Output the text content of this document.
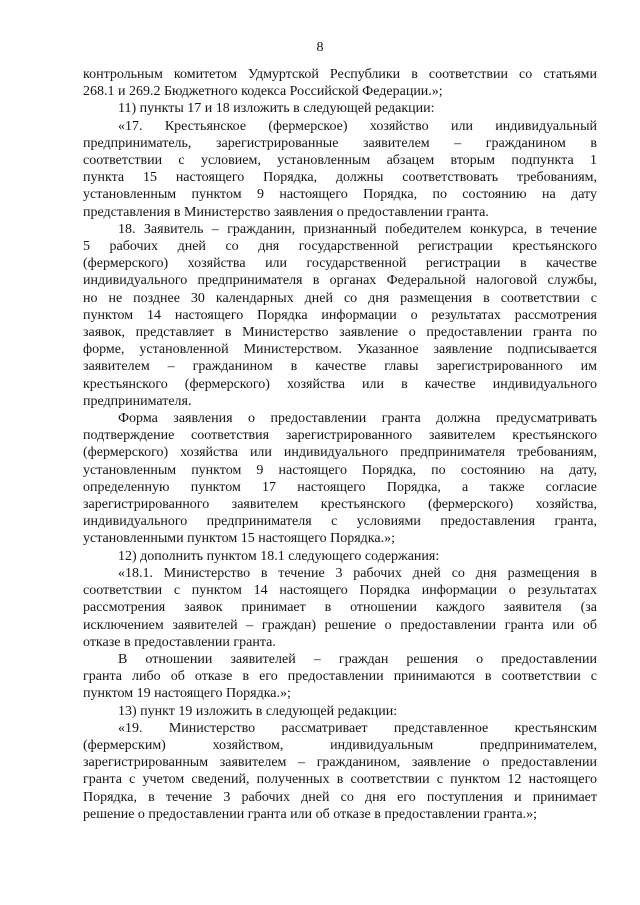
8
контрольным комитетом Удмуртской Республики в соответствии со статьями
268.1 и 269.2 Бюджетного кодекса Российской Федерации.»;
11) пункты 17 и 18 изложить в следующей редакции:
«17. Крестьянское (фермерское) хозяйство или индивидуальный
предприниматель, зарегистрированные заявителем – гражданином в
соответствии с условием, установленным абзацем вторым подпункта 1
пункта 15 настоящего Порядка, должны соответствовать требованиям,
установленным пунктом 9 настоящего Порядка, по состоянию на дату
представления в Министерство заявления о предоставлении гранта.
18. Заявитель – гражданин, признанный победителем конкурса, в течение
5 рабочих дней со дня государственной регистрации крестьянского
(фермерского) хозяйства или государственной регистрации в качестве
индивидуального предпринимателя в органах Федеральной налоговой службы,
но не позднее 30 календарных дней со дня размещения в соответствии с
пунктом 14 настоящего Порядка информации о результатах рассмотрения
заявок, представляет в Министерство заявление о предоставлении гранта по
форме, установленной Министерством. Указанное заявление подписывается
заявителем – гражданином в качестве главы зарегистрированного им
крестьянского (фермерского) хозяйства или в качестве индивидуального
предпринимателя.
Форма заявления о предоставлении гранта должна предусматривать
подтверждение соответствия зарегистрированного заявителем крестьянского
(фермерского) хозяйства или индивидуального предпринимателя требованиям,
установленным пунктом 9 настоящего Порядка, по состоянию на дату,
определенную пунктом 17 настоящего Порядка, а также согласие
зарегистрированного заявителем крестьянского (фермерского) хозяйства,
индивидуального предпринимателя с условиями предоставления гранта,
установленными пунктом 15 настоящего Порядка.»;
12) дополнить пунктом 18.1 следующего содержания:
«18.1. Министерство в течение 3 рабочих дней со дня размещения в
соответствии с пунктом 14 настоящего Порядка информации о результатах
рассмотрения заявок принимает в отношении каждого заявителя (за
исключением заявителей – граждан) решение о предоставлении гранта или об
отказе в предоставлении гранта.
В отношении заявителей – граждан решения о предоставлении
гранта либо об отказе в его предоставлении принимаются в соответствии с
пунктом 19 настоящего Порядка.»;
13) пункт 19 изложить в следующей редакции:
«19. Министерство рассматривает представленное крестьянским
(фермерским) хозяйством, индивидуальным предпринимателем,
зарегистрированным заявителем – гражданином, заявление о предоставлении
гранта с учетом сведений, полученных в соответствии с пунктом 12 настоящего
Порядка, в течение 3 рабочих дней со дня его поступления и принимает
решение о предоставлении гранта или об отказе в предоставлении гранта.»;
